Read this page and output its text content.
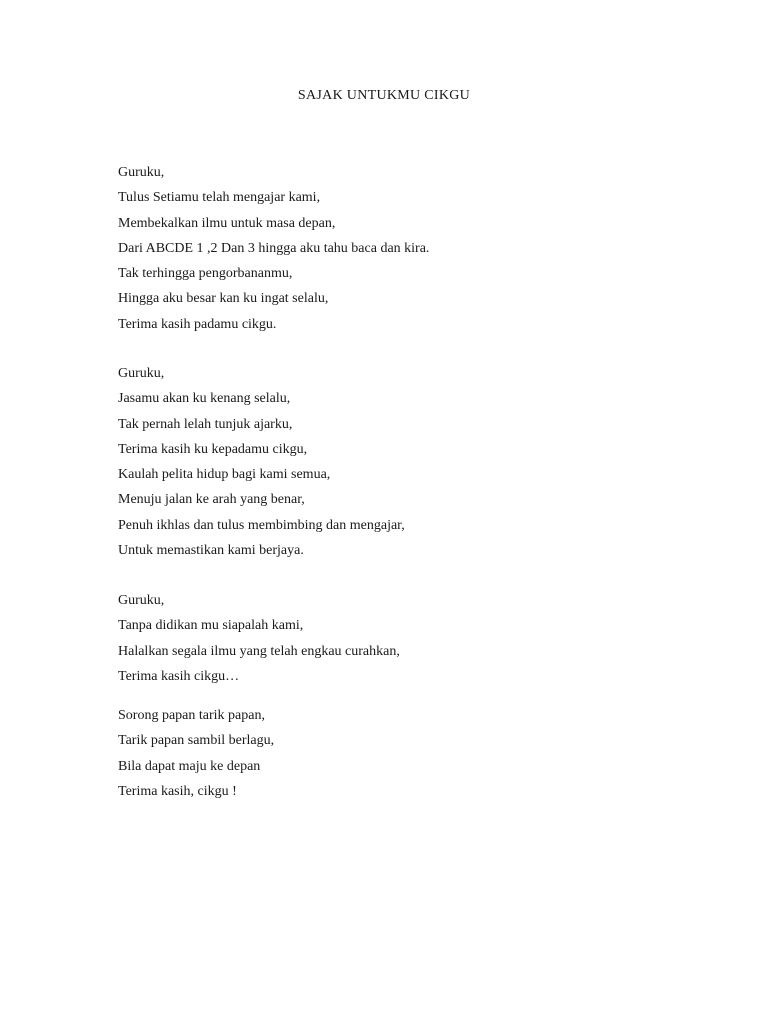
SAJAK UNTUKMU CIKGU
Guruku,
Tulus Setiamu telah mengajar kami,
Membekalkan ilmu untuk masa depan,
Dari ABCDE 1 ,2 Dan 3 hingga aku tahu baca dan kira.
Tak terhingga pengorbananmu,
Hingga aku besar kan ku ingat selalu,
Terima kasih padamu cikgu.
Guruku,
Jasamu akan ku kenang selalu,
Tak pernah lelah tunjuk ajarku,
Terima kasih ku kepadamu cikgu,
Kaulah pelita hidup bagi kami semua,
Menuju jalan ke arah yang benar,
Penuh ikhlas dan tulus membimbing dan mengajar,
Untuk memastikan kami berjaya.
Guruku,
Tanpa didikan mu siapalah kami,
Halalkan segala ilmu yang telah engkau curahkan,
Terima kasih cikgu…
Sorong papan tarik papan,
Tarik papan sambil berlagu,
Bila dapat maju ke depan
Terima kasih, cikgu !
